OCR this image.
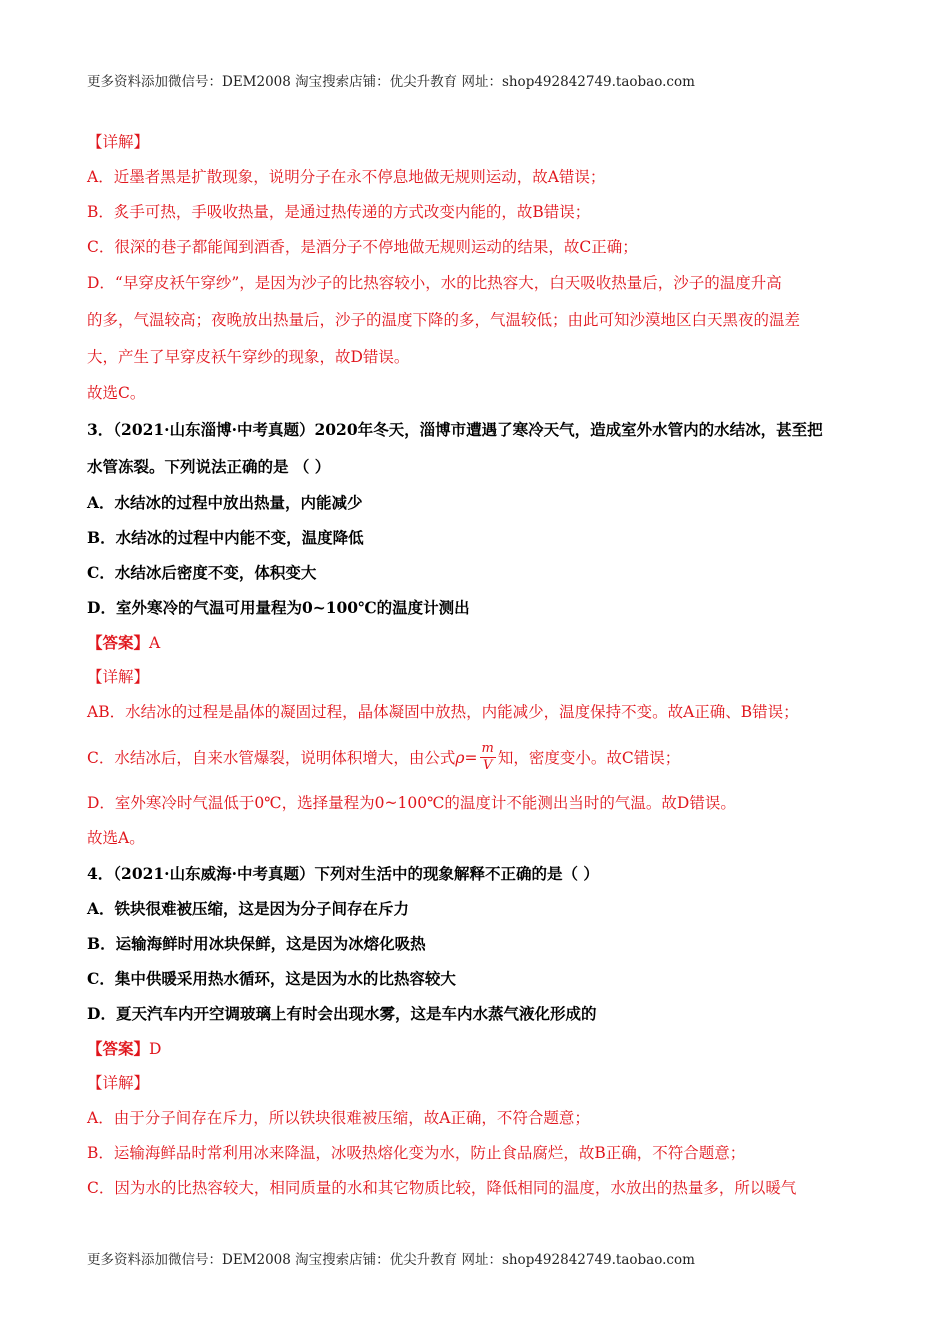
更多资料添加微信号：DEM2008 淘宝搜索店铺：优尖升教育 网址：shop492842749.taobao.com
【详解】
A．近墨者黑是扩散现象，说明分子在永不停息地做无规则运动，故A错误；
B．炙手可热，手吸收热量，是通过热传递的方式改变内能的，故B错误；
C．很深的巷子都能闻到酒香，是酒分子不停地做无规则运动的结果，故C正确；
D．“早穿皮袄午穿纱”，是因为沙子的比热容较小，水的比热容大，白天吸收热量后，沙子的温度升高
的多，气温较高；夜晚放出热量后，沙子的温度下降的多，气温较低；由此可知沙漠地区白天黑夜的温差
大，产生了早穿皮袄午穿纱的现象，故D错误。
故选C。
3．（2021·山东淄博·中考真题）2020年冬天，淄博市遭遇了寒冷天气，造成室外水管内的水结冰，甚至把
水管冻裂。下列说法正确的是 （ ）
A．水结冰的过程中放出热量，内能减少
B．水结冰的过程中内能不变，温度降低
C．水结冰后密度不变，体积变大
D．室外寒冷的气温可用量程为0~100℃的温度计测出
【答案】A
【详解】
AB．水结冰的过程是晶体的凝固过程，晶体凝固中放热，内能减少，温度保持不变。故A正确、B错误；
C．水结冰后，自来水管爆裂，说明体积增大，由公式$\rho= \frac{m}{V}$ 知，密度变小。故C错误；
D．室外寒冷时气温低于0℃，选择量程为0~100℃的温度计不能测出当时的气温。故D错误。
故选A。
4．（2021·山东威海·中考真题）下列对生活中的现象解释不正确的是（ ）
A．铁块很难被压缩，这是因为分子间存在斥力
B．运输海鲜时用冰块保鲜，这是因为冰熔化吸热
C．集中供暖采用热水循环，这是因为水的比热容较大
D．夏天汽车内开空调玻璃上有时会出现水雾，这是车内水蒸气液化形成的
【答案】D
【详解】
A．由于分子间存在斥力，所以铁块很难被压缩，故A正确，不符合题意；
B．运输海鲜品时常利用冰来降温，冰吸热熔化变为水，防止食品腐烂，故B正确，不符合题意；
C．因为水的比热容较大，相同质量的水和其它物质比较，降低相同的温度，水放出的热量多，所以暖气
更多资料添加微信号：DEM2008 淘宝搜索店铺：优尖升教育 网址：shop492842749.taobao.com
